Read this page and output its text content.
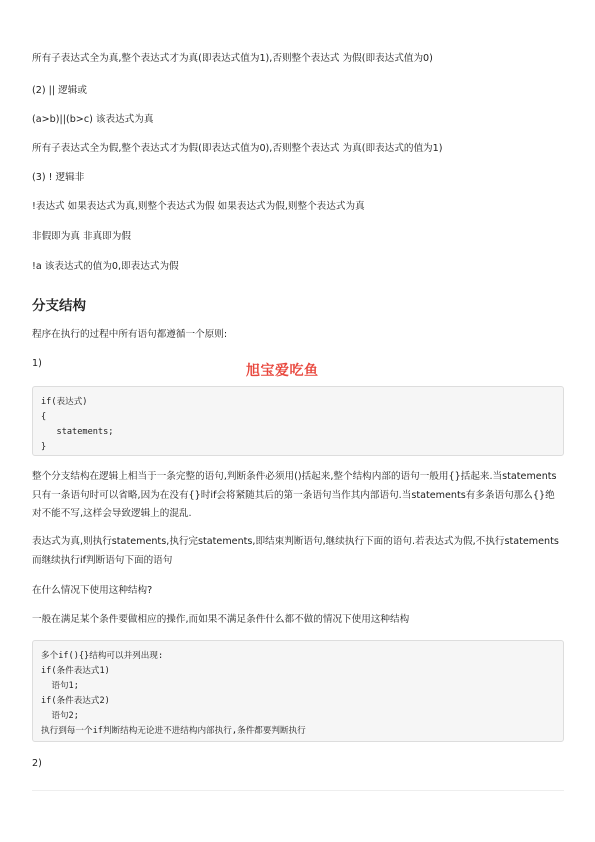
所有子表达式全为真,整个表达式才为真(即表达式值为1),否则整个表达式 为假(即表达式值为0)
(2) || 逻辑或
(a>b)||(b>c) 该表达式为真
所有子表达式全为假,整个表达式才为假(即表达式值为0),否则整个表达式 为真(即表达式的值为1)
(3) ! 逻辑非
!表达式 如果表达式为真,则整个表达式为假 如果表达式为假,则整个表达式为真
非假即为真 非真即为假
!a 该表达式的值为0,即表达式为假
分支结构
程序在执行的过程中所有语句都遵循一个原则:
1)	旭宝爱吃鱼
if(表达式)
{
statements;
}
整个分支结构在逻辑上相当于一条完整的语句,判断条件必须用()括起来,整个结构内部的语句一般用{}括起来.当statements只有一条语句时可以省略,因为在没有{}时if会将紧随其后的第一条语句当作其内部语句.当statements有多条语句那么{}绝对不能不写,这样会导致逻辑上的混乱.
表达式为真,则执行statements,执行完statements,即结束判断语句,继续执行下面的语句.若表达式为假,不执行statements而继续执行if判断语句下面的语句
在什么情况下使用这种结构?
一般在满足某个条件要做相应的操作,而如果不满足条件什么都不做的情况下使用这种结构
多个if(){}结构可以并列出现:
if(条件表达式1)
语句1;
if(条件表达式2)
语句2;
执行到每一个if判断结构无论进不进结构内部执行,条件都要判断执行
2)
